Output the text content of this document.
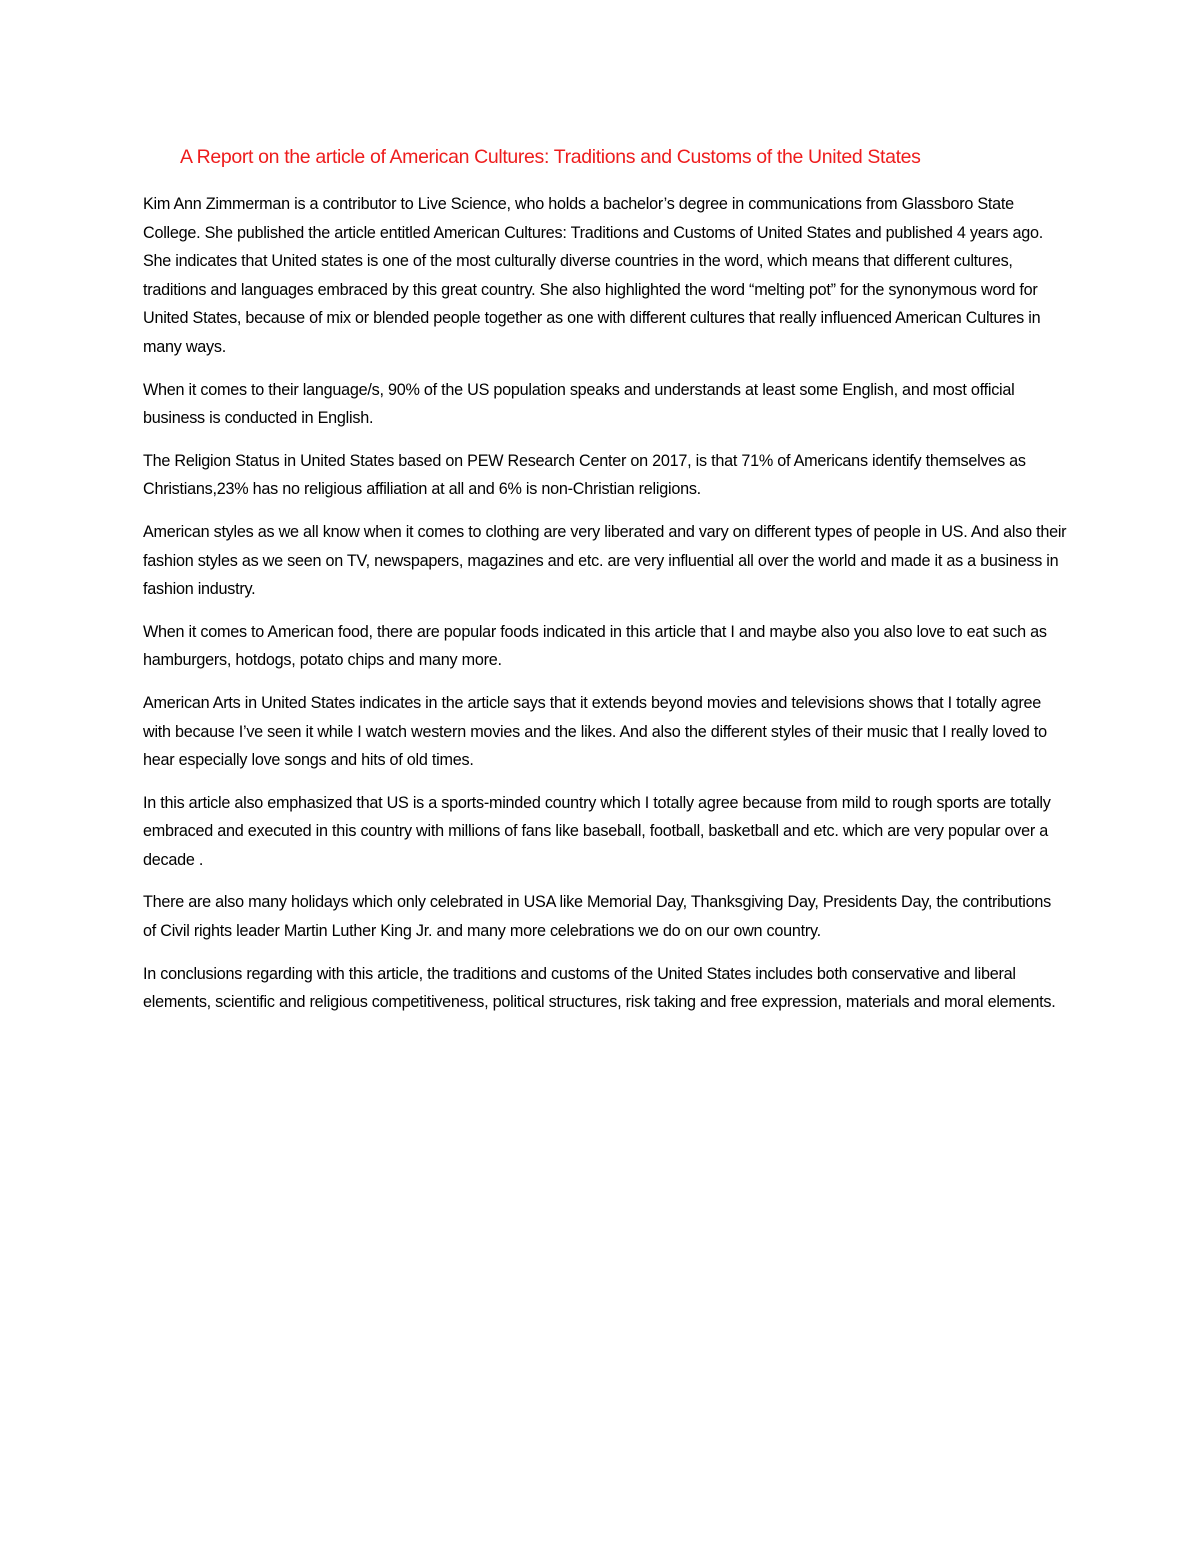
A Report on the article of American Cultures: Traditions and Customs of the United States

Kim Ann Zimmerman is a contributor to Live Science, who holds a bachelor’s degree in communications from Glassboro State College. She published the article entitled American Cultures: Traditions and Customs of United States and published 4 years ago. She indicates that United states is one of the most culturally diverse countries in the word, which means that different cultures, traditions and languages embraced by this great country. She also highlighted the word “melting pot” for the synonymous word for United States, because of mix or blended people together as one with different cultures that really influenced American Cultures in many ways.

When it comes to their language/s, 90% of the US population speaks and understands at least some English, and most official business is conducted in English.

The Religion Status in United States based on PEW Research Center on 2017, is that 71% of Americans identify themselves as Christians,23% has no religious affiliation at all and 6% is non-Christian religions.

American styles as we all know when it comes to clothing are very liberated and vary on different types of people in US. And also their fashion styles as we seen on TV, newspapers, magazines and etc. are very influential all over the world and made it as a business in fashion industry.

When it comes to American food, there are popular foods indicated in this article that I and maybe also you also love to eat such as hamburgers, hotdogs, potato chips and many more.

American Arts in United States indicates in the article says that it extends beyond movies and televisions shows that I totally agree with because I’ve seen it while I watch western movies and the likes. And also the different styles of their music that I really loved to hear especially love songs and hits of old times.

In this article also emphasized that US is a sports-minded country which I totally agree because from mild to rough sports are totally embraced and executed in this country with millions of fans like baseball, football, basketball and etc. which are very popular over a decade .

There are also many holidays which only celebrated in USA like Memorial Day, Thanksgiving Day, Presidents Day, the contributions of Civil rights leader Martin Luther King Jr. and many more celebrations we do on our own country.

In conclusions regarding with this article, the traditions and customs of the United States includes both conservative and liberal elements, scientific and religious competitiveness, political structures, risk taking and free expression, materials and moral elements.
